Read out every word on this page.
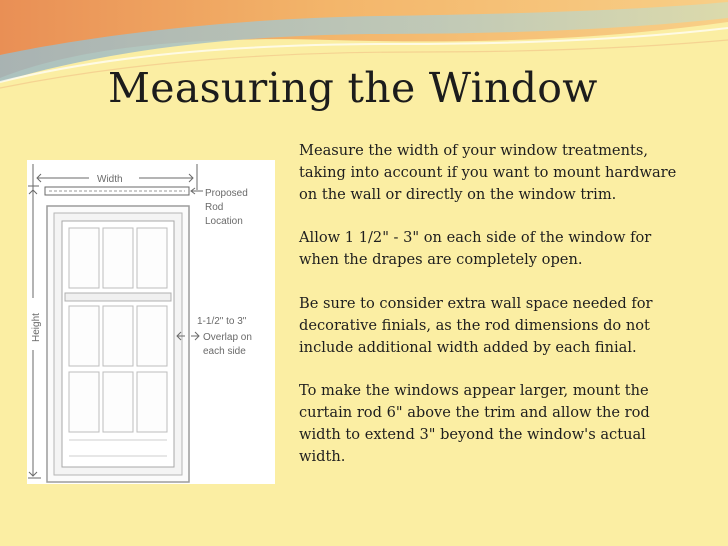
Measuring the Window
Width
Proposed
Rod
Location
Height	1-1/2" to 3"
Overlap on
each side

Measure the width of your window treatments, taking into account if you want to mount hardware on the wall or directly on the window trim.

Allow 1 1/2" - 3" on each side of the window for when the drapes are completely open.

Be sure to consider extra wall space needed for decorative finials, as the rod dimensions do not include additional width added by each finial.

To make the windows appear larger, mount the curtain rod 6" above the trim and allow the rod width to extend 3" beyond the window's actual width.
